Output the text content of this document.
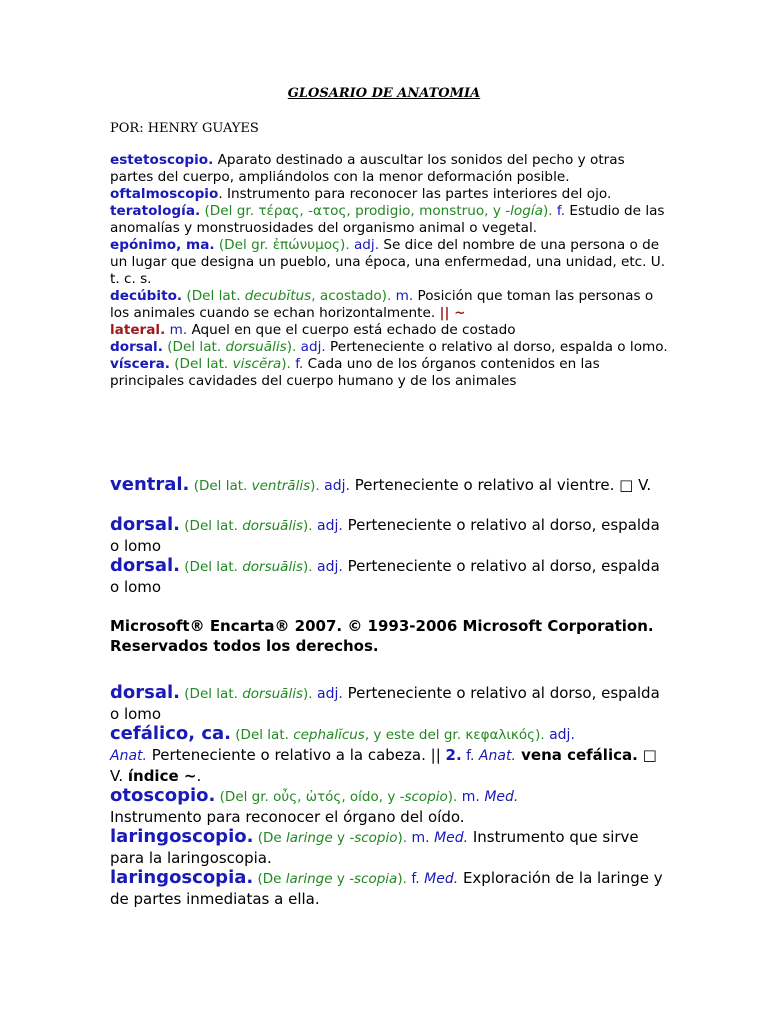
GLOSARIO DE ANATOMIA
POR: HENRY GUAYES

estetoscopio. Aparato destinado a auscultar los sonidos del pecho y otras partes del cuerpo, ampliándolos con la menor deformación posible.

oftalmoscopio. Instrumento para reconocer las partes interiores del ojo.

teratología. (Del gr. τέρας, -ατος, prodigio, monstruo, y -logía). f. Estudio de las anomalías y monstruosidades del organismo animal o vegetal.

epónimo, ma. (Del gr. ἐπώνυμος). adj. Se dice del nombre de una persona o de un lugar que designa un pueblo, una época, una enfermedad, una unidad, etc. U. t. c. s.

decúbito. (Del lat. decubĭtus, acostado). m. Posición que toman las personas o los animales cuando se echan horizontalmente. || ~
lateral. m. Aquel en que el cuerpo está echado de costado

dorsal. (Del lat. dorsuālis). adj. Perteneciente o relativo al dorso, espalda o lomo.

víscera. (Del lat. viscĕra). f. Cada uno de los órganos contenidos en las principales cavidades del cuerpo humano y de los animales

ventral. (Del lat. ventrālis). adj. Perteneciente o relativo al vientre. □ V.

dorsal. (Del lat. dorsuālis). adj. Perteneciente o relativo al dorso, espalda o lomo

dorsal. (Del lat. dorsuālis). adj. Perteneciente o relativo al dorso, espalda o lomo

Microsoft® Encarta® 2007. © 1993-2006 Microsoft Corporation. Reservados todos los derechos.

dorsal. (Del lat. dorsuālis). adj. Perteneciente o relativo al dorso, espalda o lomo

cefálico, ca. (Del lat. cephalĭcus, y este del gr. κεφαλικός). adj.
Anat. Perteneciente o relativo a la cabeza. || 2. f. Anat. vena cefálica. □ V. índice ~.

otoscopio. (Del gr. οὖς, ὠτός, oído, y -scopio). m. Med.
Instrumento para reconocer el órgano del oído.

laringoscopio. (De laringe y -scopio). m. Med. Instrumento que sirve para la laringoscopia.

laringoscopia. (De laringe y -scopia). f. Med. Exploración de la laringe y de partes inmediatas a ella.
